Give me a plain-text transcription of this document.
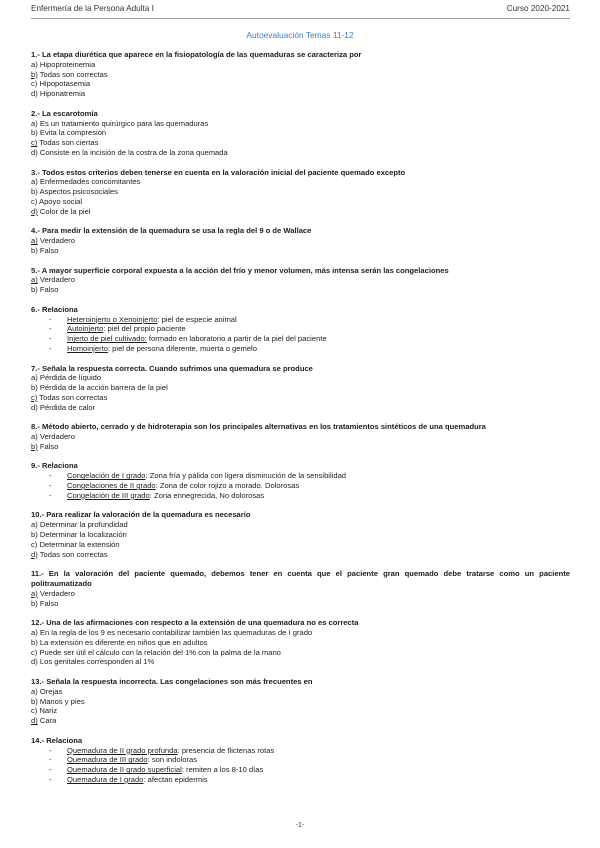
Enfermería de la Persona Adulta I	Curso 2020-2021
Autoevaluación Temas 11-12
1.- La etapa diurética que aparece en la fisiopatología de las quemaduras se caracteriza por
a) Hipoproteinemia
b) Todas son correctas
c) Hipopotasemia
d) Hiponatremia
2.- La escarotomía
a) Es un tratamiento quirúrgico para las quemaduras
b) Evita la compresión
c) Todas son ciertas
d) Consiste en la incisión de la costra de la zona quemada
3.- Todos estos criterios deben tenerse en cuenta en la valoración inicial del paciente quemado excepto
a) Enfermedades concomitantes
b) Aspectos psicosociales
c) Apoyo social
d) Color de la piel
4.- Para medir la extensión de la quemadura se usa la regla del 9 o de Wallace
a) Verdadero
b) Falso
5.- A mayor superficie corporal expuesta a la acción del frío y menor volumen, más intensa serán las congelaciones
a) Verdadero
b) Falso
6.- Relaciona
-	Heteroinjerto o Xenoinjerto: piel de especie animal
-	Autoinjerto: piel del propio paciente
-	Injerto de piel cultivado: formado en laboratorio a partir de la piel del paciente
-	Homoinjerto: piel de persona diferente, muerta o gemelo
7.- Señala la respuesta correcta. Cuando sufrimos una quemadura se produce
a) Pérdida de líquido
b) Pérdida de la acción barrera de la piel
c) Todas son correctas
d) Pérdida de calor
8.- Método abierto, cerrado y de hidroterapia son los principales alternativas en los tratamientos sintéticos de una quemadura
a) Verdadero
b) Falso
9.- Relaciona
-	Congelación de I grado: Zona fría y pálida con ligera disminución de la sensibilidad
-	Congelaciones de II grado: Zona de color rojizo a morado. Dolorosas
-	Congelación de III grado: Zona ennegrecida, No dolorosas
10.- Para realizar la valoración de la quemadura es necesario
a) Determinar la profundidad
b) Determinar la localización
c) Determinar la extensión
d) Todas son correctas
11.- En la valoración del paciente quemado, debemos tener en cuenta que el paciente gran quemado debe tratarse como un paciente politraumatizado
a) Verdadero
b) Falso
12.- Una de las afirmaciones con respecto a la extensión de una quemadura no es correcta
a) En la regla de los 9 es necesario contabilizar también las quemaduras de I grado
b) La extensión es diferente en niños que en adultos
c) Puede ser útil el cálculo con la relación del 1% con la palma de la mano
d) Los genitales corresponden al 1%
13.- Señala la respuesta incorrecta. Las congelaciones son más frecuentes en
a) Orejas
b) Manos y pies
c) Nariz
d) Cara
14.- Relaciona
-	Quemadura de II grado profunda: presencia de flictenas rotas
-	Quemadura de III grado: son indoloras
-	Quemadura de II grado superficial: remiten a los 8-10 días
-	Quemadura de I grado: afectan epidermis
-1-
